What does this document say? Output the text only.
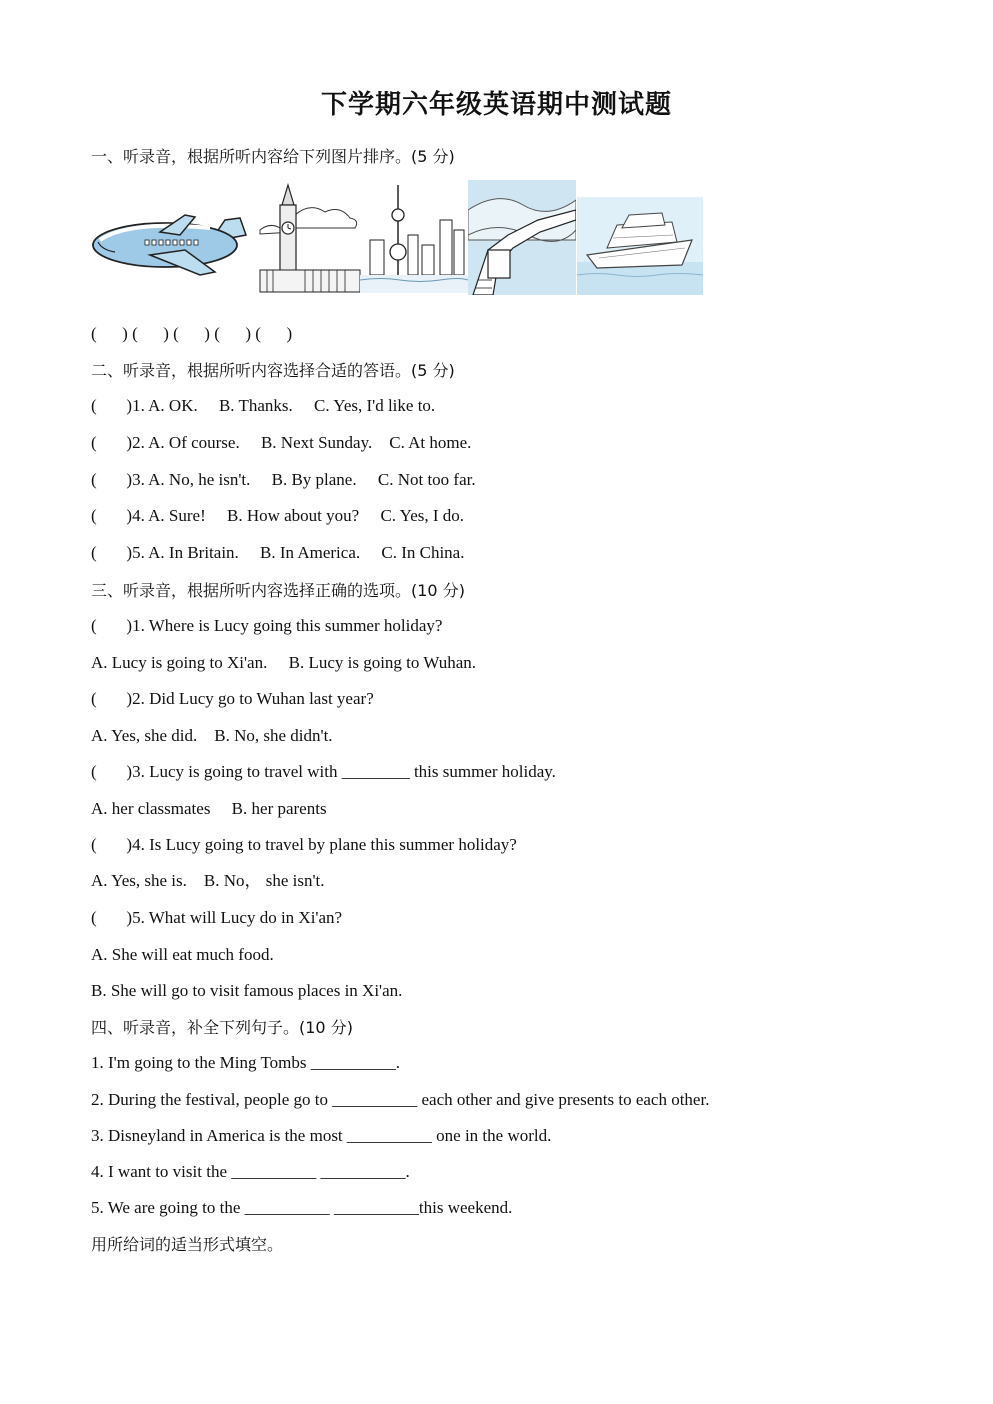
下学期六年级英语期中测试题
一、听录音，根据所听内容给下列图片排序。(5 分)
(      ) (      ) (      ) (      ) (      )
二、听录音，根据所听内容选择合适的答语。(5 分)
(       )1. A. OK.     B. Thanks.     C. Yes, I'd like to.
(       )2. A. Of course.     B. Next Sunday.    C. At home.
(       )3. A. No, he isn't.     B. By plane.     C. Not too far.
(       )4. A. Sure!     B. How about you?     C. Yes, I do.
(       )5. A. In Britain.     B. In America.     C. In China.
三、听录音，根据所听内容选择正确的选项。(10 分)
(       )1. Where is Lucy going this summer holiday?
A. Lucy is going to Xi'an.     B. Lucy is going to Wuhan.
(       )2. Did Lucy go to Wuhan last year?
A. Yes, she did.    B. No, she didn't.
(       )3. Lucy is going to travel with ________ this summer holiday.
A. her classmates     B. her parents
(       )4. Is Lucy going to travel by plane this summer holiday?
A. Yes, she is.    B. No， she isn't.
(       )5. What will Lucy do in Xi'an?
A. She will eat much food.
B. She will go to visit famous places in Xi'an.
四、听录音，补全下列句子。(10 分)
1. I'm going to the Ming Tombs __________.
2. During the festival, people go to __________ each other and give presents to each other.
3. Disneyland in America is the most __________ one in the world.
4. I want to visit the __________ __________.
5. We are going to the __________ __________this weekend.
用所给词的适当形式填空。
